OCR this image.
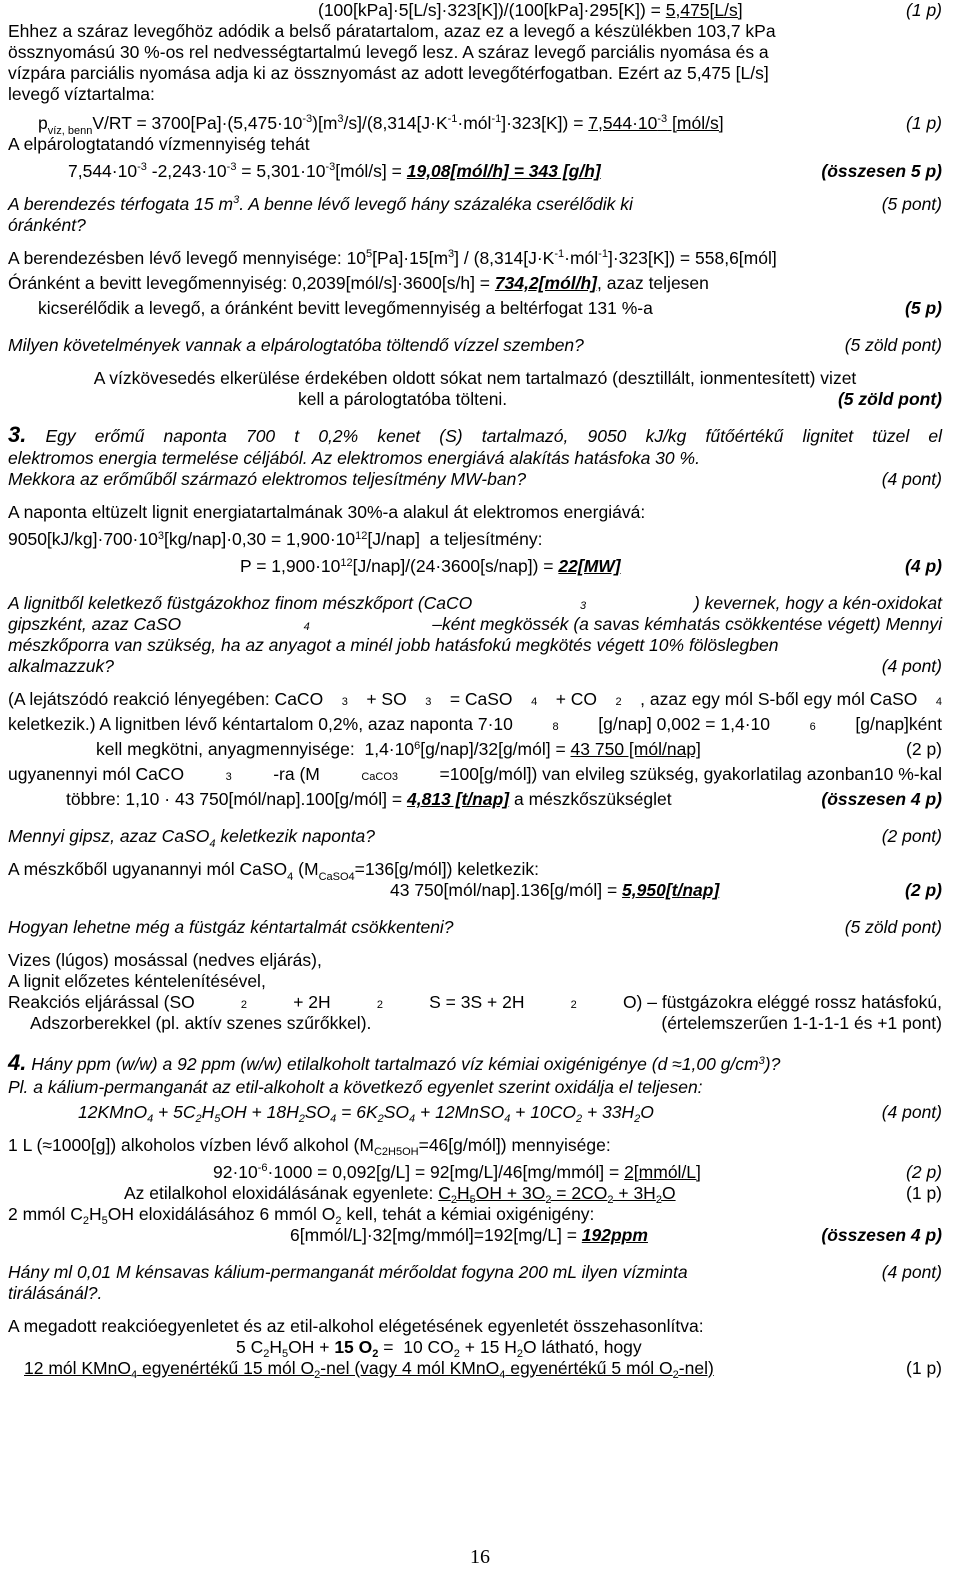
(100[kPa]·5[L/s]·323[K])/(100[kPa]·295[K]) = 5,475[L/s]	(1 p)
Ehhez a száraz levegőhöz adódik a belső páratartalom, azaz ez a levegő a készülékben 103,7 kPa
össznyomású 30 %-os rel nedvességtartalmú levegő lesz. A száraz levegő parciális nyomása és a
vízpára parciális nyomása adja ki az össznyomást az adott levegőtérfogatban. Ezért az 5,475 [L/s]
levegő víztartalma:
$p_{víz, benn}V/RT$ = $3700[Pa]\cdot(5,475\cdot 10^{-3})[m^3/s]/(8,314[J\cdot K^{-1}\cdot mól^{-1}]\cdot 323[K]) = 7,544\cdot 10^{-3}$ [mól/s]	(1 p)
A elpárologtatandó vízmennyiség tehát
$7,544\cdot 10^{-3}$ $-2,243\cdot 10^{-3}$ = $5,301\cdot 10^{-3}[mól/s]$ = 19,08[mól/h] = 343 [g/h]	(összesen 5 p)
A berendezés térfogata 15 $m^3$. A benne lévő levegő hány százaléka cserélődik ki	(5 pont)
óránként?
A berendezésben lévő levegő mennyisége: $10^5[Pa]\cdot 15[m^3]$ / $(8,314[J\cdot K^{-1}\cdot mól^{-1}]\cdot 323[K])$ = 558,6[mól]
Óránként a bevitt levegőmennyiség: 0,2039[mól/s]·3600[s/h] = 734,2[mól/h], azaz teljesen
kicserélődik a levegő, a óránként bevitt levegőmennyiség a beltérfogat 131 %-a	(5 p)
Milyen követelmények vannak a elpárologtatóba töltendő vízzel szemben?	(5 zöld pont)
A vízkövesedés elkerülése érdekében oldott sókat nem tartalmazó (desztillált, ionmentesített) vizet
kell a párologtatóba tölteni.	(5 zöld pont)
3. Egy erőmű naponta 700 t 0,2% kenet (S) tartalmazó, 9050 kJ/kg fűtőértékű lignitet tüzel el
elektromos energia termelése céljából. Az elektromos energiává alakítás hatásfoka 30 %.
Mekkora az erőműből származó elektromos teljesítmény MW-ban?	(4 pont)
A naponta eltüzelt lignit energiatartalmának 30%-a alakul át elektromos energiává:
$9050[kJ/kg]\cdot 700\cdot 10^3[kg/nap]\cdot 0,30 = 1,900\cdot 10^{12}[J/nap]$  a teljesítmény:
$P = 1,900\cdot 10^{12}[J/nap]/(24\cdot 3600[s/nap]) = 22[MW]$	(4 p)
A lignitből keletkező füstgázokhoz finom mészkőport (CaCO	3	) kevernek, hogy a kén-oxidokat
gipszként, azaz CaSO	4	–ként megkössék (a savas kémhatás csökkentése végett) Mennyi
mészkőporra van szükség, ha az anyagot a minél jobb hatásfokú megkötés végett 10% fölöslegben
alkalmazzuk?	(4 pont)
(A lejátszódó reakció lényegében: CaCO 3 + SO 3 = CaSO 4 + CO 2 , azaz egy mól S-ből egy mól CaSO 4
keletkezik.) A lignitben lévő kéntartalom 0,2%, azaz naponta 7·10	8 [g/nap] 0,002 = 1,4·10	6 [g/nap]ként
kell megkötni, anyagmennyisége:  $1,4\cdot 10^6[g/nap]/32[g/mól] = 43$ 750 [mól/nap]	(2 p)
ugyanennyi mól CaCO	3 -ra (M	CaCO3 =100[g/mól]) van elvileg szükség, gyakorlatilag azonban10 %-kal
többre: 1,10 · 43 750[mól/nap].100[g/mól] = 4,813 [t/nap] a mészkőszükséglet	(összesen 4 p)
Mennyi gipsz, azaz CaSO$_4$ keletkezik naponta?	(2 pont)
A mészkőből ugyanannyi mól CaSO$_4$ $(M_{CaSO4}=136[g/mól])$ keletkezik:
43 750[mól/nap].136[g/mól] = 5,950[t/nap]	(2 p)
Hogyan lehetne még a füstgáz kéntartalmát csökkenteni?	(5 zöld pont)
Vizes (lúgos) mosással (nedves eljárás),
A lignit előzetes kéntelenítésével,
Reakciós eljárással (SO	2	+ 2H	2	S = 3S + 2H	2	O) – füstgázokra eléggé rossz hatásfokú,
Adszorberekkel (pl. aktív szenes szűrőkkel).	(értelemszerűen 1-1-1-1 és +1 pont)
4. Hány ppm (w/w) a 92 ppm (w/w) etilalkoholt tartalmazó víz kémiai oxigénigénye (d ≈1,00 $g/cm^3$)?
Pl. a kálium-permanganát az etil-alkoholt a következő egyenlet szerint oxidálja el teljesen:
12KMnO$_4$ + $5C_2H_5OH + 18H_2SO_4 = 6K_2SO_4$ + 12MnSO$_4$ + $10CO_2 + 33H_2O$	(4 pont)
1 L (≈1000[g]) alkoholos vízben lévő alkohol $(M_{C2H5OH}=46[g/mól])$ mennyisége:
$92\cdot 10^{-6}\cdot 1000 = 0,092[g/L]$ = 92[mg/L]/46[mg/mmól] = 2[mmól/L]	(2 p)
Az etilalkohol eloxidálásának egyenlete: $C_2H_5OH + 3O_2 = 2CO_2 + 3H_2O$	(1 p)
2 mmól $C_2H_5OH$ eloxidálásához 6 mmól $O_2$ kell, tehát a kémiai oxigénigény:
6[mmól/L]·32[mg/mmól]=192[mg/L] = 192ppm	(összesen 4 p)
Hány ml 0,01 M kénsavas kálium-permanganát mérőoldat fogyna 200 mL ilyen vízminta	(4 pont)
tirálásánál?.
A megadott reakcióegyenletet és az etil-alkohol elégetésének egyenletét összehasonlítva:
5 $C_2H_5OH + 15$ $O_2 = 10$ $CO_2 + 15$ $H_2O$ látható, hogy
12 mól KMnO$_4$ egyenértékű 15 mól $O_2$-nel (vagy 4 mól KMnO$_4$ egyenértékű 5 mól $O_2-nel$)	(1 p)
16
